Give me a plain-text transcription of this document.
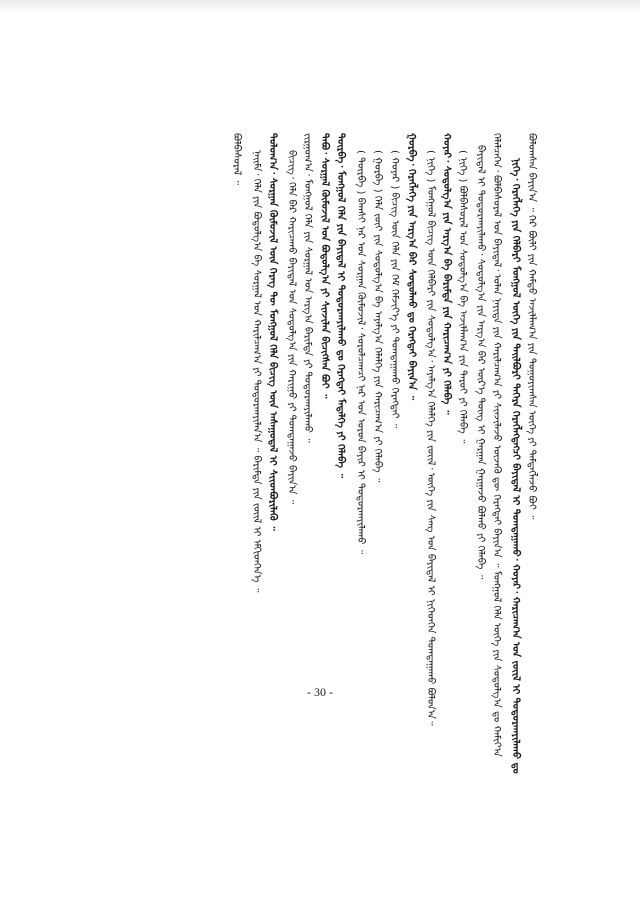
ᠪᠣᠯᠤᠭᠰᠠᠨ ᠪᠠᠶᠢᠨ᠎ᠠ ᠃ ᠭᠡᠷ ᠪᠦᠯᠢ ᠶᠢᠨ ᠬᠠᠮᠲᠤ ᠠᠵᠢᠯᠯᠠᠭ᠎ᠠ ᠶᠢᠨ ᠲᠤᠭᠤᠶᠢᠭᠰᠠᠨ ᠦᠭᠡ ᠶᠢ ᠲᠡᠮᠳᠡᠭᠯᠡᠵᠦ ᠪᠣᠢ ᠃
ᠨᠢᠭᠡ᠂ ᠬᠡᠷᠡᠭᠯᠡᠭᠡ ᠶᠢᠨ ᠬᠡᠯᠪᠡᠷᠢ ᠮᠣᠩᠭᠣᠯ ᠦᠭᠡ ᠶᠢᠨ ᠲᠠᠢᠯᠪᠣᠷᠢ ᠳᠡᠭᠡᠷᠡ ᠬᠡᠷᠡᠭᠯᠡᠭᠳᠡᠭᠴᠢ ᠪᠠᠶᠢᠳᠠᠯ ᠢ ᠲᠣᠭᠲᠠᠭᠠᠬᠤ᠂ ᠬᠣᠶᠠᠷ᠂ ᠬᠠᠷᠢᠴᠠᠭ᠎ᠠ ᠤᠨ ᠵᠦᠢᠯ ᠢ ᠲᠣᠳᠣᠷᠬᠠᠶᠢᠯᠠᠬᠤ ᠳᠤ
ᠬᠡᠯᠡᠯᠴᠡᠭᠡᠨ᠂ ᠪᠣᠯᠪᠠᠰᠤᠷᠠᠯ ᠤᠨ ᠪᠠᠶᠢᠳᠠᠯ᠂ ᠣᠯᠠᠨ ᠨᠡᠶᠢᠲᠡ ᠶᠢᠨ ᠬᠠᠷᠢᠯᠴᠠᠭ᠎ᠠ ᠶᠢ ᠰᠢᠨᠵᠢᠯᠡᠵᠦ ᠦᠵᠡᠬᠦ ᠳᠦ ᠬᠡᠷᠡᠭᠲᠡᠢ ᠪᠠᠶᠢᠨ᠎ᠠ ᠃ ᠮᠣᠩᠭᠣᠯ ᠬᠡᠯᠡ ᠦᠭᠡ ᠶᠢᠨ ᠰᠤᠳᠤᠯᠭ᠎ᠠ ᠳᠤ ᠬᠠᠮᠢᠶ᠎ᠠ
ᠪᠠᠶᠢᠳᠠᠯ ᠢ ᠲᠣᠳᠣᠷᠬᠠᠶᠢᠯᠠᠬᠤ᠂ ᠰᠤᠳᠤᠯᠭ᠎ᠠ ᠶᠢᠨ ᠠᠷᠭ᠎ᠠ ᠪᠠᠷ ᠦᠷ᠎ᠡ ᠳᠦᠩ ᠢ ᠭᠠᠷᠭᠠᠨ ᠭᠠᠷᠭᠠᠵᠤ ᠪᠣᠯᠬᠤ ᠶᠢ ᠬᠡᠯᠡᠪᠡ ᠃
( ᠨᠢᠭᠡ ) ᠪᠣᠯᠪᠠᠰᠤᠷᠠᠯ ᠤᠨ ᠰᠤᠳᠤᠯᠭ᠎ᠠ ᠪᠠ ᠠᠵᠢᠯᠯᠠᠭ᠎ᠠ ᠶᠢᠨ ᠳᠠᠷᠤᠢ ᠶᠢ ᠬᠡᠯᠡᠪᠡ ᠃
ᠬᠣᠶᠠᠷ᠂ ᠰᠤᠳᠤᠯᠭ᠎ᠠ ᠶᠢᠨ ᠠᠷᠭ᠎ᠠ ᠪᠠ ᠪᠠᠷᠢᠮᠲᠠ ᠶᠢᠨ ᠬᠠᠷᠢᠴᠠᠭ᠎ᠠ ᠶᠢ ᠬᠡᠯᠡᠪᠡ ᠃
( ᠨᠢᠭᠡ ) ᠮᠣᠩᠭᠣᠯ ᠪᠢᠴᠢᠭ ᠦᠨ ᠬᠡᠯᠪᠡᠷᠢ ᠶᠢᠨ ᠰᠤᠳᠤᠯᠭ᠎ᠠ᠂ ᠠᠶᠠᠯᠭ᠎ᠠ ᠬᠡᠯᠡᠯᠭᠡ ᠶᠢᠨ ᠵᠦᠢᠯ᠂ ᠦᠭᠡ ᠶᠢᠨ ᠰᠠᠩ ᠤᠨ ᠪᠠᠶᠢᠳᠠᠯ ᠢ ᠨᠢᠭᠡᠳᠬᠡᠨ ᠲᠣᠭᠲᠠᠭᠠᠬᠤ ᠪᠣᠯᠤᠨ᠎ᠠ᠃
ᠭᠤᠷᠪᠠ᠂ ᠬᠡᠷᠡᠭᠯᠡᠭᠡ ᠶᠢᠨ ᠠᠷᠭ᠎ᠠ ᠪᠠᠷ ᠰᠤᠳᠤᠯᠬᠤ ᠳᠤ ᠬᠡᠷᠡᠭᠲᠡᠢ ᠪᠠᠶᠢᠨ᠎ᠠ ᠃
( ᠬᠣᠶᠠᠷ ) ᠪᠢᠴᠢᠭ ᠦᠨ ᠬᠡᠯᠡ ᠶᠢᠨ ᠬᠡᠮ ᠬᠡᠮᠵᠢᠶ᠎ᠡ ᠶᠢ ᠲᠣᠭᠲᠠᠭᠠᠬᠤ ᠬᠡᠷᠡᠭᠲᠡᠢ ᠃
( ᠭᠤᠷᠪᠠ ) ᠬᠡᠯᠡ ᠵᠦᠢ ᠶᠢᠨ ᠰᠤᠳᠤᠯᠭ᠎ᠠ ᠪᠠ ᠠᠶᠠᠯᠭ᠎ᠠ ᠬᠡᠯᠡᠯᠭᠡ ᠶᠢᠨ ᠬᠠᠷᠢᠴᠠᠭ᠎ᠠ ᠶᠢ ᠬᠡᠯᠡᠪᠡ ᠃
( ᠳᠥᠷᠪᠡ ) ᠪᠠᠭᠰᠢ ᠨᠠᠷ ᠤᠨ ᠰᠤᠷᠭᠠᠨ ᠬᠥᠮᠦᠵᠢᠯ᠂ ᠰᠤᠷᠤᠯᠴᠠᠭᠴᠢ ᠨᠠᠷ ᠤᠨ ᠤᠷᠤᠨ ᠪᠠᠶᠢᠷ ᠢ ᠲᠣᠳᠣᠷᠬᠠᠶᠢᠯᠠᠬᠤ ᠃
ᠳᠥᠷᠪᠡ᠂ ᠮᠣᠩᠭᠣᠯ ᠬᠡᠯᠡ ᠶᠢᠨ ᠪᠠᠶᠢᠳᠠᠯ ᠢ ᠲᠣᠳᠣᠷᠬᠠᠶᠢᠯᠠᠬᠤ ᠳᠤ ᠬᠡᠷᠡᠭᠲᠡᠢ ᠮᠡᠳᠡᠯᠭᠡ ᠶᠢ ᠬᠡᠯᠡᠪᠡ ᠃
ᠲᠠᠪᠤ᠂ ᠰᠤᠷᠭᠠᠯ ᠬᠦᠮᠦᠵᠢᠯ ᠤᠨ ᠪᠣᠳᠣᠯᠭ᠎ᠠ ᠶᠢ ᠰᠢᠨᠵᠢᠯᠡᠨ ᠪᠢᠴᠢᠭᠰᠡᠨ ᠪᠣᠢ ᠃
ᠵᠢᠷᠭᠤᠭ᠎ᠠ᠂ ᠮᠣᠩᠭᠣᠯ ᠬᠡᠯᠡ ᠶᠢᠨ ᠰᠤᠷᠭᠠᠯ ᠤᠨ ᠠᠷᠭ᠎ᠠ ᠪᠠᠷᠢᠮᠲᠠ ᠶᠢ ᠲᠣᠳᠣᠷᠬᠠᠶᠢᠯᠠᠬᠤ ᠃
ᠪᠢᠴᠢᠭ᠂ ᠬᠡᠯᠡ ᠪᠡᠷ ᠬᠠᠷᠢᠴᠠᠬᠤ ᠪᠠᠶᠢᠳᠠᠯ ᠤᠨ ᠰᠤᠳᠤᠯᠭ᠎ᠠ ᠶᠢᠨ ᠬᠠᠷᠢᠭᠤ ᠶᠢ ᠲᠣᠭᠲᠠᠭᠠᠵᠤ ᠪᠠᠶᠢᠨ᠎ᠠ ᠃
ᠳᠣᠯᠣᠭ᠎ᠠ᠂ ᠰᠤᠷᠭᠠᠨ ᠬᠦᠮᠦᠵᠢᠯ ᠦᠨ ᠬᠡᠷᠡᠭ ᠲᠦ ᠮᠣᠩᠭᠣᠯ ᠬᠡᠯᠡ ᠪᠢᠴᠢᠭ ᠦᠨ ᠠᠰᠠᠭᠤᠳᠠᠯ ᠢ ᠰᠢᠢᠳᠪᠦᠷᠢᠯᠡᠬᠦ ᠃
ᠨᠠᠢᠮᠠ᠂ ᠬᠡᠯᠡ ᠶᠢᠨ ᠪᠣᠳᠣᠯᠭ᠎ᠠ ᠪᠠ ᠰᠤᠷᠭᠠᠯ ᠤᠨ ᠬᠠᠷᠢᠯᠴᠠᠭ᠎ᠠ ᠶᠢ ᠲᠣᠳᠣᠷᠬᠠᠶᠢᠯᠠᠨ᠎ᠠ ᠃ ᠪᠠᠷᠢᠮᠲᠠ ᠶᠢᠨ ᠵᠦᠢᠯ ᠢ ᠡᠮᠬᠢᠳᠬᠡᠨ᠎ᠡ ᠃
ᠪᠣᠯᠪᠠᠰᠤᠷᠠᠯ ᠃
- 30 -
